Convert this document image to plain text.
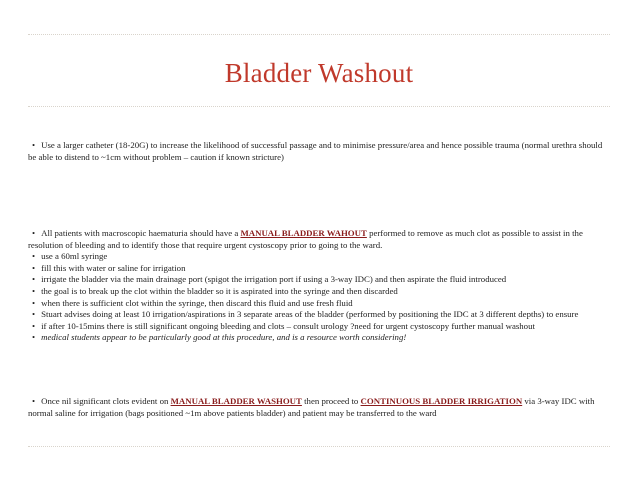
Bladder Washout
• Use a larger catheter (18-20G) to increase the likelihood of successful passage and to minimise pressure/area and hence possible trauma (normal urethra should be able to distend to ~1cm without problem – caution if known stricture)
• All patients with macroscopic haematuria should have a MANUAL BLADDER WAHOUT performed to remove as much clot as possible to assist in the resolution of bleeding and to identify those that require urgent cystoscopy prior to going to the ward.
• use a 60ml syringe
• fill this with water or saline for irrigation
• irrigate the bladder via the main drainage port (spigot the irrigation port if using a 3-way IDC) and then aspirate the fluid introduced
• the goal is to break up the clot within the bladder so it is aspirated into the syringe and then discarded
• when there is sufficient clot within the syringe, then discard this fluid and use fresh fluid
• Stuart advises doing at least 10 irrigation/aspirations in 3 separate areas of the bladder (performed by positioning the IDC at 3 different depths) to ensure
• if after 10-15mins there is still significant ongoing bleeding and clots – consult urology ?need for urgent cystoscopy further manual washout
• medical students appear to be particularly good at this procedure, and is a resource worth considering!
• Once nil significant clots evident on MANUAL BLADDER WASHOUT then proceed to CONTINUOUS BLADDER IRRIGATION via 3-way IDC with normal saline for irrigation (bags positioned ~1m above patients bladder) and patient may be transferred to the ward
